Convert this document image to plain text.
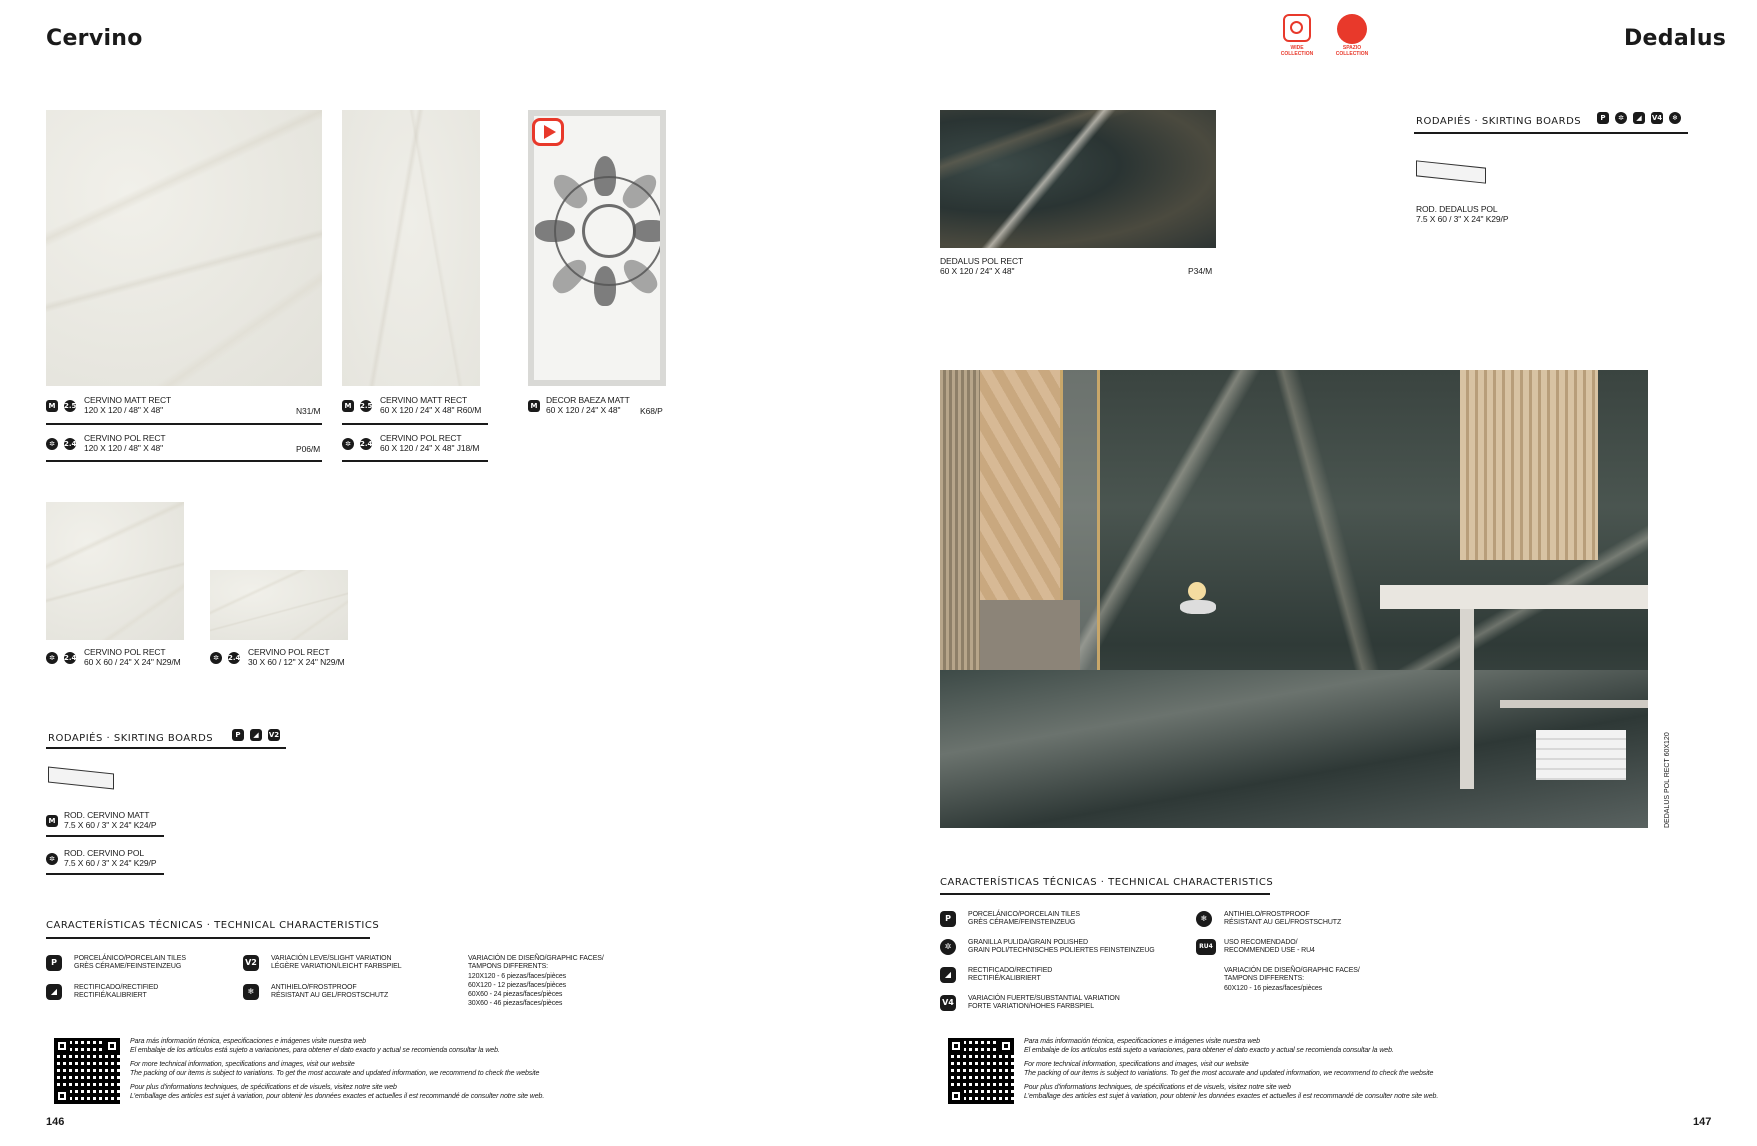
Cervino
M	2.5
CERVINO MATT RECT
120 X 120 / 48" X 48"	N31/M
✲	2.4
CERVINO POL RECT
120 X 120 / 48" X 48"	P06/M
M	2.5
CERVINO MATT RECT
60 X 120 / 24" X 48" R60/M
✲	2.4
CERVINO POL RECT
60 X 120 / 24" X 48" J18/M
M
DECOR BAEZA MATT
60 X 120 / 24" X 48" K68/P
✲	2.4
CERVINO POL RECT
60 X 60 / 24" X 24" N29/M	✲	2.4
CERVINO POL RECT
30 X 60 / 12" X 24" N29/M
RODAPIÉS · SKIRTING BOARDS	P	◢	V2
M
ROD. CERVINO MATT
7.5 X 60 / 3" X 24" K24/P
✲
ROD. CERVINO POL
7.5 X 60 / 3" X 24" K29/P
CARACTERÍSTICAS TÉCNICAS · TECHNICAL CHARACTERISTICS
P	PORCELÁNICO/PORCELAIN TILES
GRÈS CÉRAME/FEINSTEINZEUG
◢	RECTIFICADO/RECTIFIED
RECTIFIÉ/KALIBRIERT
V2	VARIACIÓN LEVE/SLIGHT VARIATION
LÉGÈRE VARIATION/LEICHT FARBSPIEL
❄	ANTIHIELO/FROSTPROOF
RÉSISTANT AU GEL/FROSTSCHUTZ
VARIACIÓN DE DISEÑO/GRAPHIC FACES/
TAMPONS DIFFERENTS:
120X120 - 6 piezas/faces/pièces
60X120 - 12 piezas/faces/pièces
60X60 - 24 piezas/faces/pièces
30X60 - 46 piezas/faces/pièces
Para más información técnica, especificaciones e imágenes visite nuestra web
El embalaje de los artículos está sujeto a variaciones, para obtener el dato exacto y actual se recomienda consultar la web.
For more technical information, specifications and images, visit our website
The packing of our items is subject to variations. To get the most accurate and updated information, we recommend to check the website
Pour plus d'informations techniques, de spécifications et de visuels, visitez notre site web
L'emballage des articles est sujet à variation, pour obtenir les données exactes et actuelles il est recommandé de consulter notre site web.
146
WIDE
COLLECTION
SPAZIO
COLLECTION
Dedalus
DEDALUS POL RECT
60 X 120 / 24" X 48"	P34/M
RODAPIÉS · SKIRTING BOARDS	P	✲	◢	V4	❄
ROD. DEDALUS POL
7.5 X 60 / 3" X 24" K29/P
DEDALUS POL RECT 60X120
CARACTERÍSTICAS TÉCNICAS · TECHNICAL CHARACTERISTICS
P	PORCELÁNICO/PORCELAIN TILES
GRÈS CÉRAME/FEINSTEINZEUG
✲	GRANILLA PULIDA/GRAIN POLISHED
GRAIN POLI/TECHNISCHES POLIERTES FEINSTEINZEUG
◢	RECTIFICADO/RECTIFIED
RECTIFIÉ/KALIBRIERT
V4	VARIACIÓN FUERTE/SUBSTANTIAL VARIATION
FORTE VARIATION/HOHES FARBSPIEL
❄	ANTIHIELO/FROSTPROOF
RÉSISTANT AU GEL/FROSTSCHUTZ
RU4
USO RECOMENDADO/
RECOMMENDED USE - RU4
VARIACIÓN DE DISEÑO/GRAPHIC FACES/
TAMPONS DIFFERENTS:
60X120 - 16 piezas/faces/pièces
Para más información técnica, especificaciones e imágenes visite nuestra web
El embalaje de los artículos está sujeto a variaciones, para obtener el dato exacto y actual se recomienda consultar la web.
For more technical information, specifications and images, visit our website
The packing of our items is subject to variations. To get the most accurate and updated information, we recommend to check the website
Pour plus d'informations techniques, de spécifications et de visuels, visitez notre site web
L'emballage des articles est sujet à variation, pour obtenir les données exactes et actuelles il est recommandé de consulter notre site web.
147
